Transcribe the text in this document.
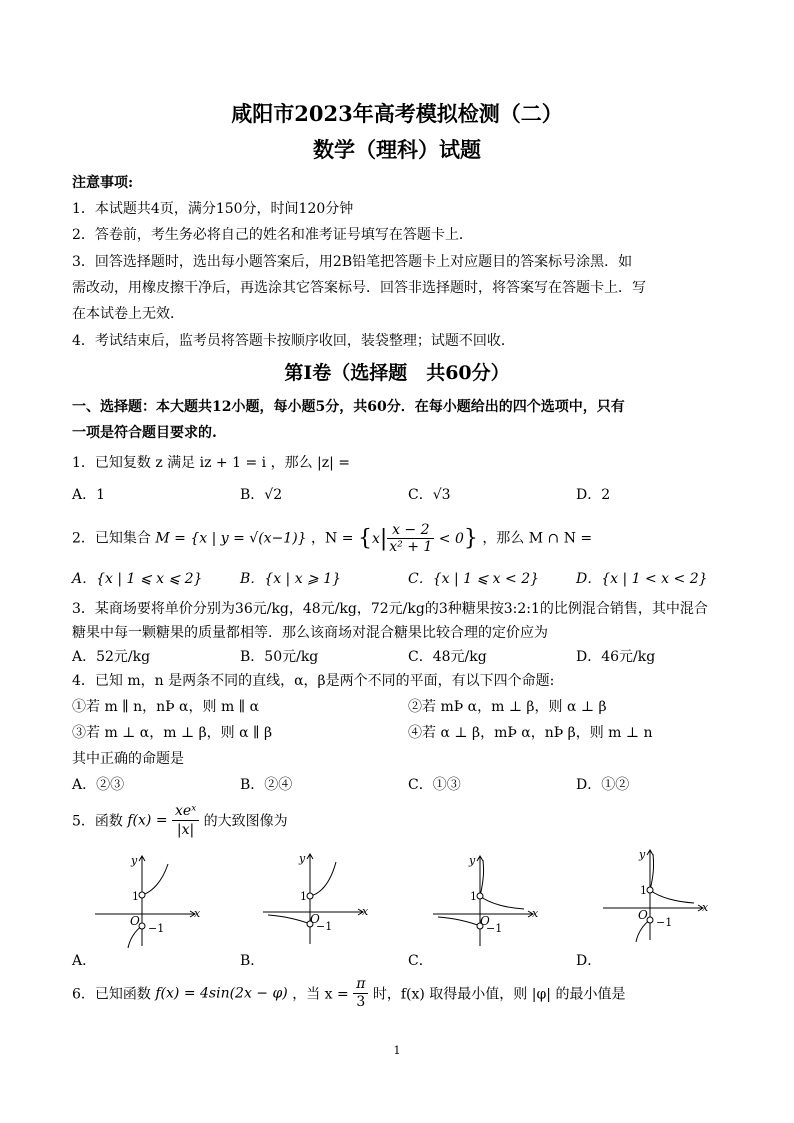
咸阳市2023年高考模拟检测（二）
数学（理科）试题
注意事项:
1．本试题共4页，满分150分，时间120分钟
2．答卷前，考生务必将自己的姓名和准考证号填写在答题卡上．
3．回答选择题时，选出每小题答案后，用2B铅笔把答题卡上对应题目的答案标号涂黑．如
需改动，用橡皮擦干净后，再选涂其它答案标号．回答非选择题时，将答案写在答题卡上．写
在本试卷上无效．
4．考试结束后，监考员将答题卡按顺序收回，装袋整理；试题不回收．
第Ⅰ卷（选择题　共60分）
一、选择题：本大题共12小题，每小题5分，共60分．在每小题给出的四个选项中，只有
一项是符合题目要求的.
1．已知复数 z 满足 iz + 1 = i ，那么 |z| =
A．1	B．√2	C．√3	D．2
2．已知集合 M = {x | y = √(x−1)} ，$N = \{x| \frac{x - 2}{\text{x² + 1}} < 0\}$ ，那么 M ∩ N =
A．{x | 1 ⩽ x ⩽ 2}	B．{x | x ⩾ 1}	C．{x | 1 ⩽ x < 2}	D．{x | 1 < x < 2}
3．某商场要将单价分别为36元/kg，48元/kg，72元/kg的3种糖果按3:2:1的比例混合销售，其中混合
糖果中每一颗糖果的质量都相等．那么该商场对混合糖果比较合理的定价应为
A．52元/kg	B．50元/kg	C．48元/kg	D．46元/kg
4．已知 m，n 是两条不同的直线，α，β是两个不同的平面，有以下四个命题:
①若 m ∥ n，nÞ α，则 m ∥ α	②若 mÞ α，m ⊥ β，则 α ⊥ β
③若 m ⊥ α，m ⊥ β，则 α ∥ β	④若 α ⊥ β，mÞ α，nÞ β，则 m ⊥ n
其中正确的命题是
A．②③	B．②④	C．①③	D．①②
5．函数 f(x) =
xeˣ
|x|
的大致图像为
y
x
1
O
−1
y
x
1
O
−1
y
x
1
O
−1
y
x
1
O
−1
A．	B．	C．	D．
6．已知函数 f(x) = 4sin(2x − φ) ，当 $x = \frac{\pi}{3}$ 时，f(x) 取得最小值，则 |φ| 的最小值是
1
